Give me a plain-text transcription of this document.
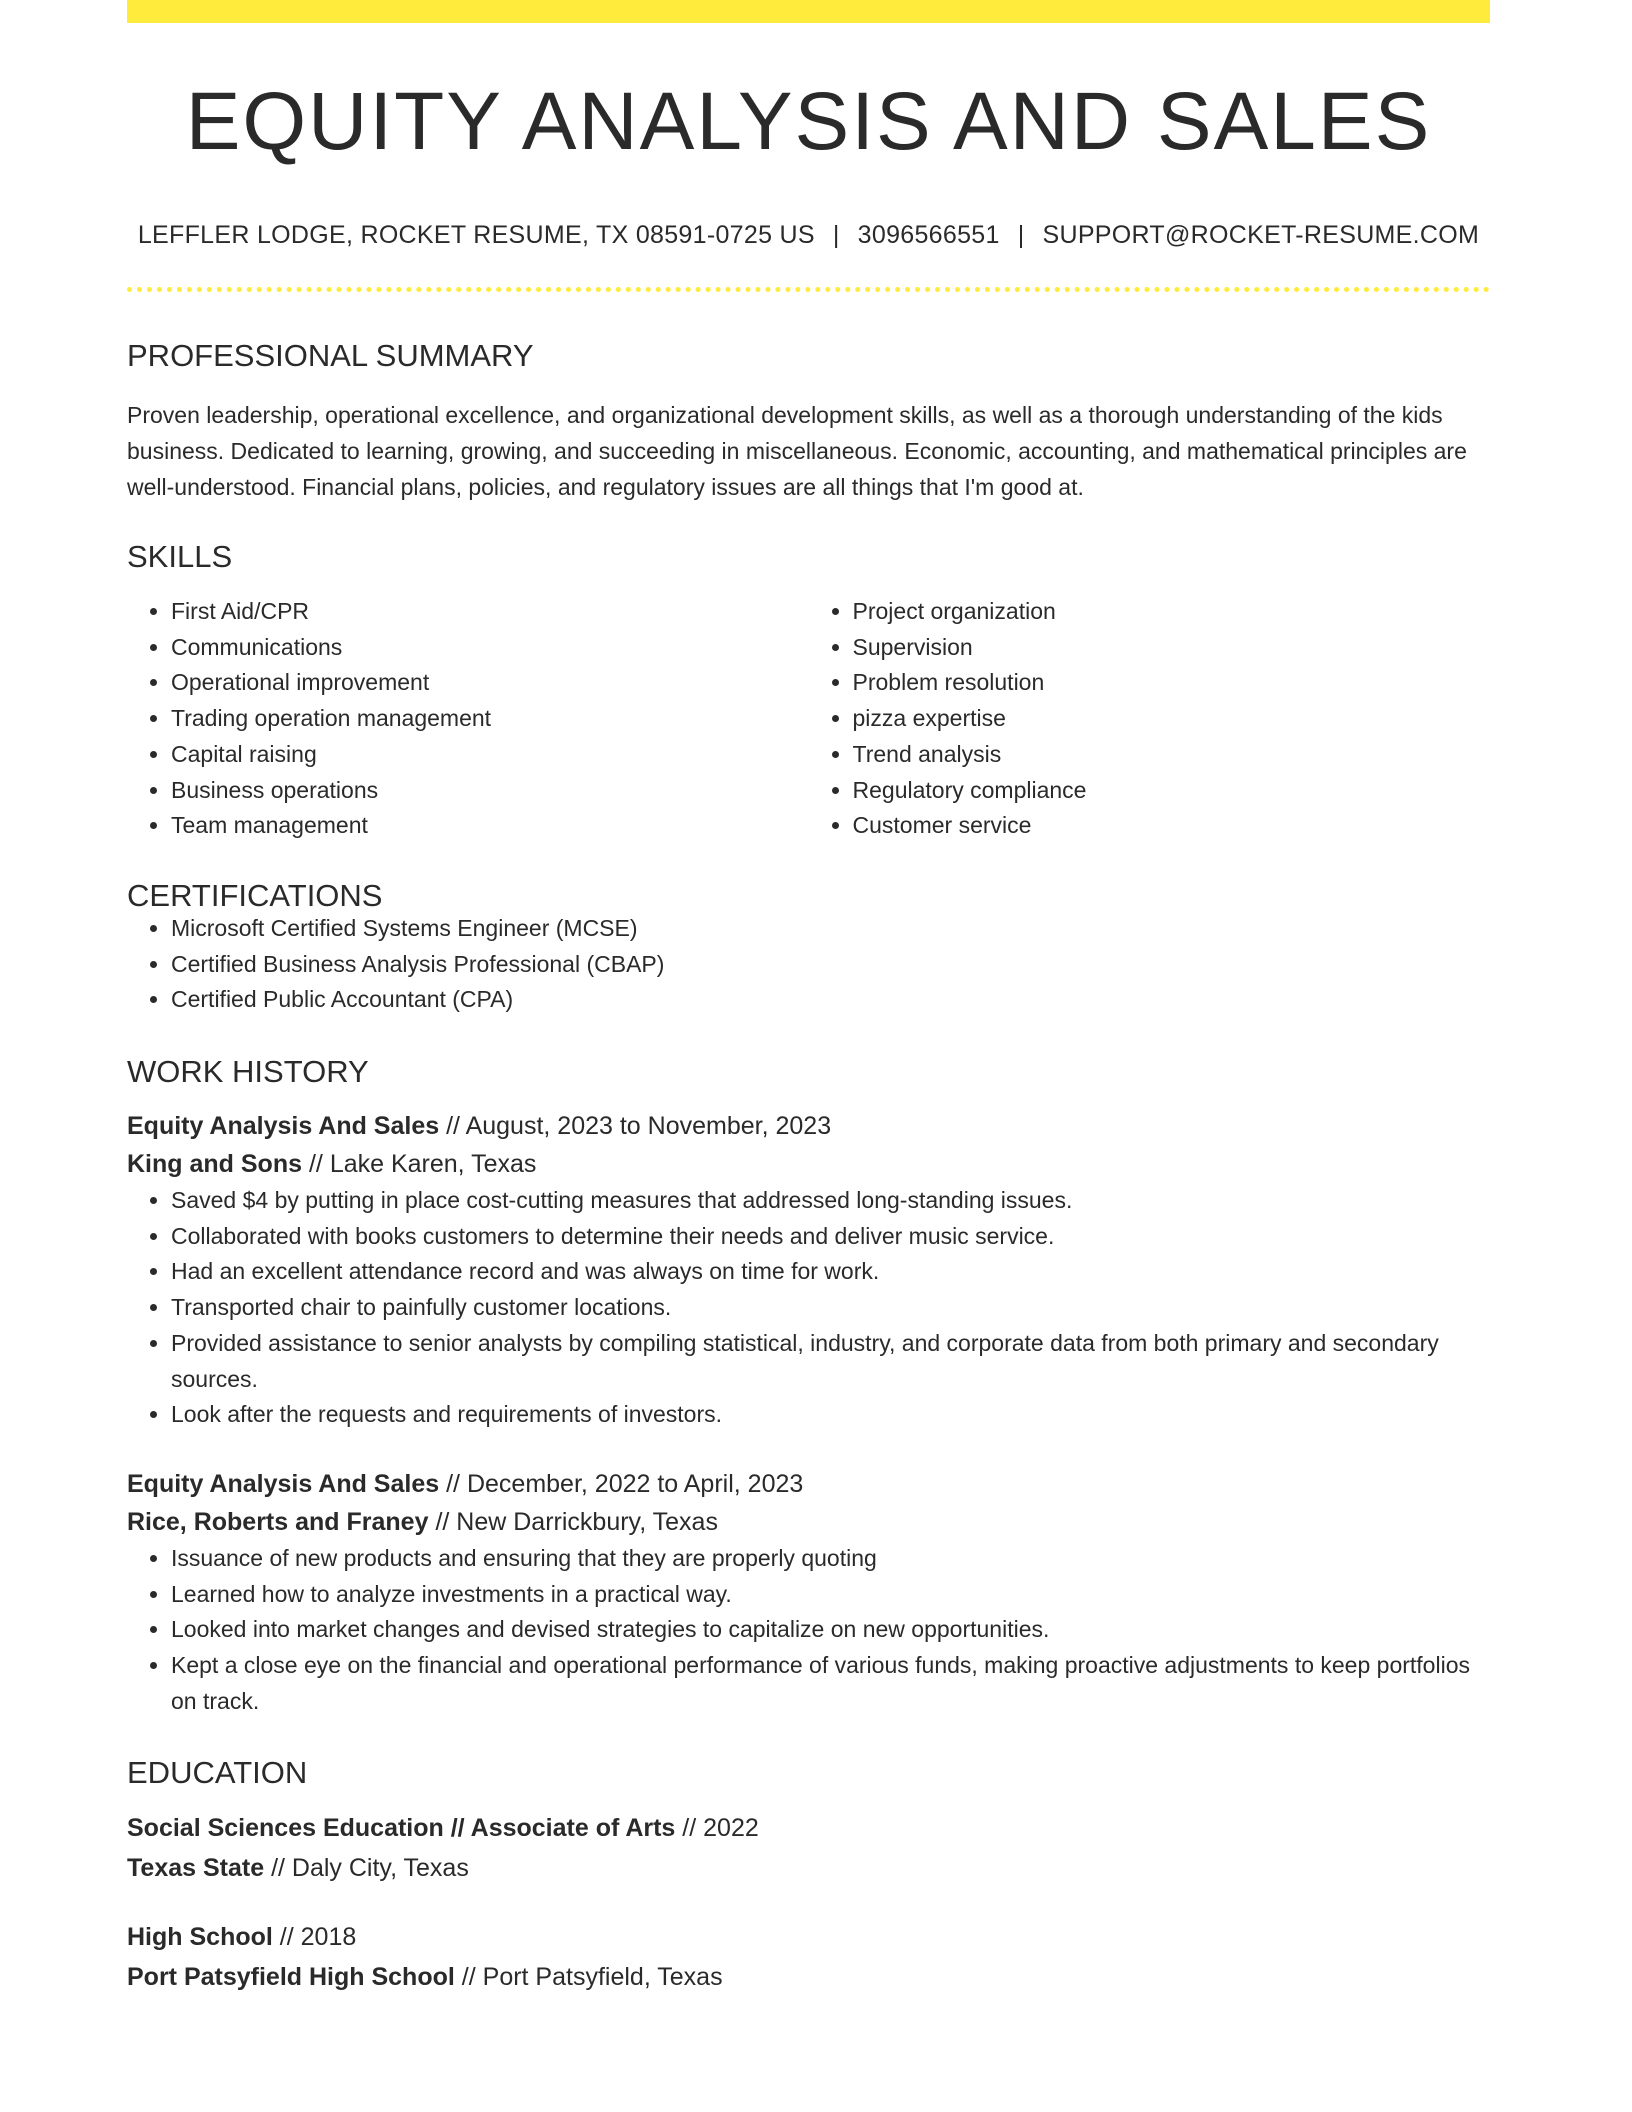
EQUITY ANALYSIS AND SALES
LEFFLER LODGE, ROCKET RESUME, TX 08591-0725 US | 3096566551 | SUPPORT@ROCKET-RESUME.COM
PROFESSIONAL SUMMARY
Proven leadership, operational excellence, and organizational development skills, as well as a thorough understanding of the kids business. Dedicated to learning, growing, and succeeding in miscellaneous. Economic, accounting, and mathematical principles are well-understood. Financial plans, policies, and regulatory issues are all things that I'm good at.
SKILLS
• First Aid/CPR
• Communications
• Operational improvement
• Trading operation management
• Capital raising
• Business operations
• Team management
• Project organization
• Supervision
• Problem resolution
• pizza expertise
• Trend analysis
• Regulatory compliance
• Customer service
CERTIFICATIONS
• Microsoft Certified Systems Engineer (MCSE)
• Certified Business Analysis Professional (CBAP)
• Certified Public Accountant (CPA)
WORK HISTORY
Equity Analysis And Sales // August, 2023 to November, 2023
King and Sons // Lake Karen, Texas
• Saved $4 by putting in place cost-cutting measures that addressed long-standing issues.
• Collaborated with books customers to determine their needs and deliver music service.
• Had an excellent attendance record and was always on time for work.
• Transported chair to painfully customer locations.
• Provided assistance to senior analysts by compiling statistical, industry, and corporate data from both primary and secondary sources.
• Look after the requests and requirements of investors.
Equity Analysis And Sales // December, 2022 to April, 2023
Rice, Roberts and Franey // New Darrickbury, Texas
• Issuance of new products and ensuring that they are properly quoting
• Learned how to analyze investments in a practical way.
• Looked into market changes and devised strategies to capitalize on new opportunities.
• Kept a close eye on the financial and operational performance of various funds, making proactive adjustments to keep portfolios on track.
EDUCATION
Social Sciences Education // Associate of Arts // 2022
Texas State // Daly City, Texas
High School // 2018
Port Patsyfield High School // Port Patsyfield, Texas
